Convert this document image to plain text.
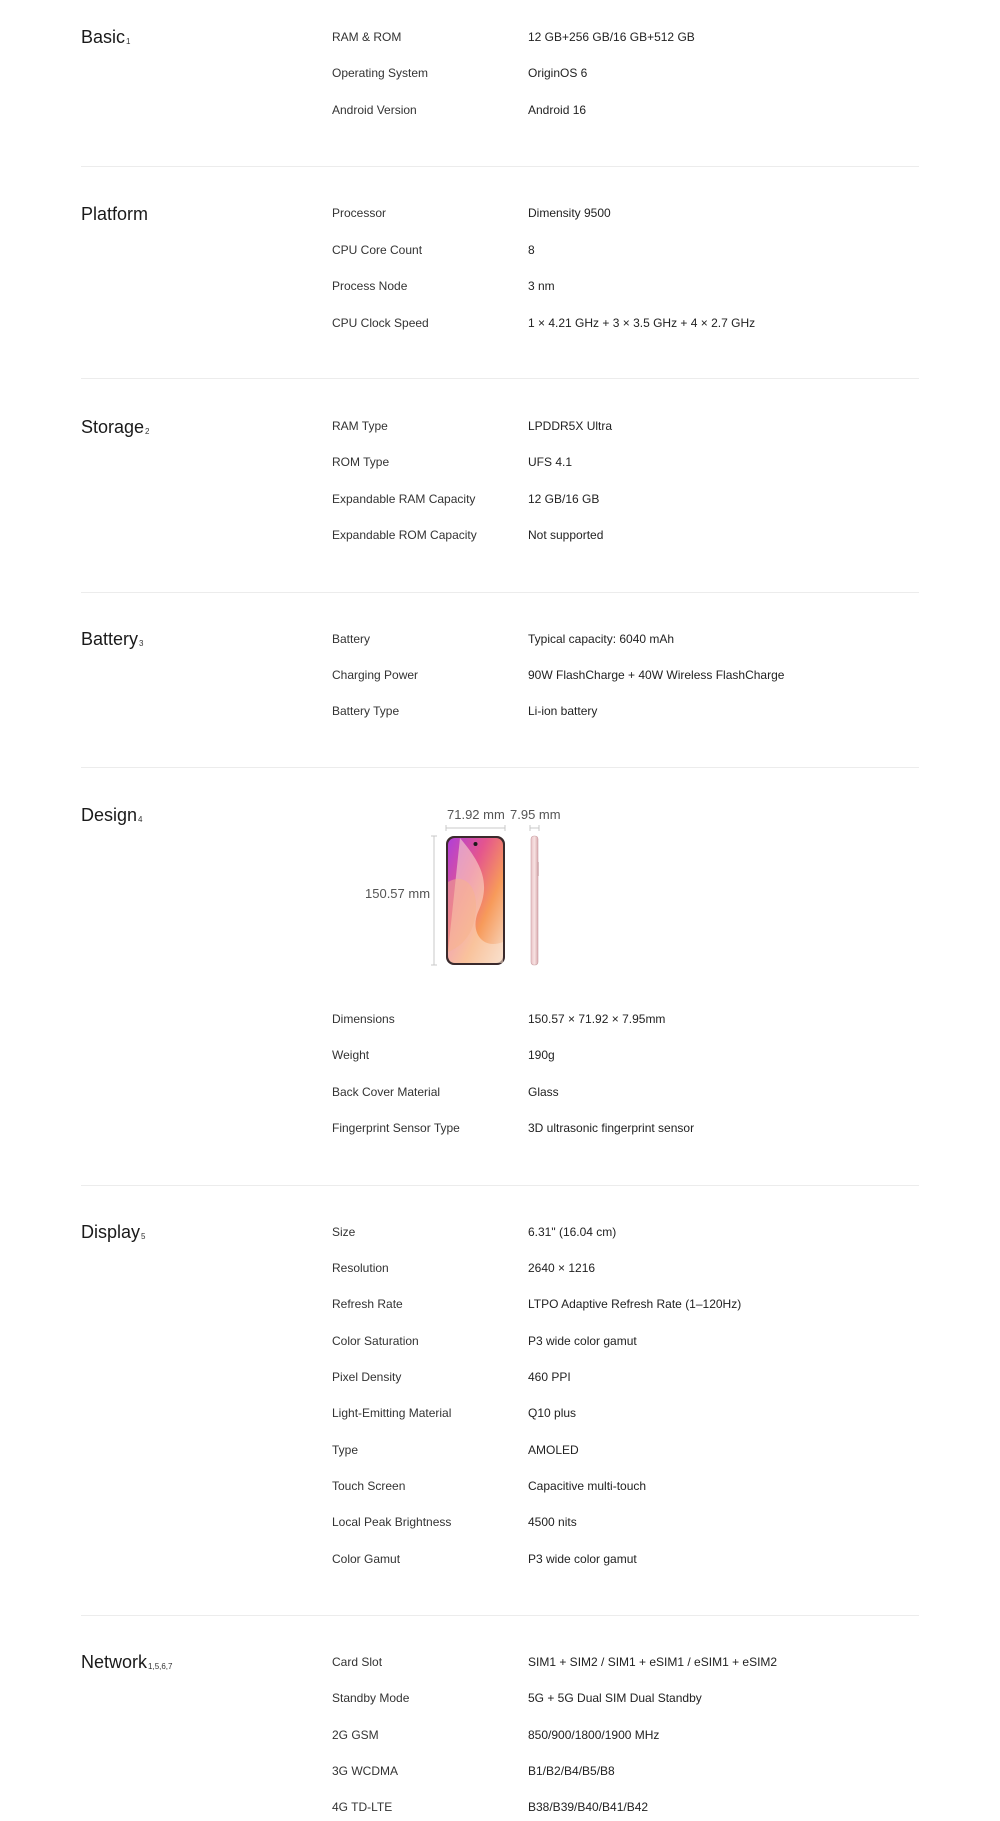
Basic$^1$	RAM & ROM	12 GB+256 GB/16 GB+512 GB
Operating System	OriginOS 6
Android Version	Android 16
Platform	Processor	Dimensity 9500
CPU Core Count	8
Process Node	3 nm
CPU Clock Speed	1 × 4.21 GHz + 3 × 3.5 GHz + 4 × 2.7 GHz
Storage$^2$	RAM Type	LPDDR5X Ultra
ROM Type	UFS 4.1
Expandable RAM Capacity	12 GB/16 GB
Expandable ROM Capacity	Not supported
Battery$^3$	Battery	Typical capacity: 6040 mAh
Charging Power	90W FlashCharge + 40W Wireless FlashCharge
Battery Type	Li-ion battery
Design$^4$	71.92 mm 7.95 mm
150.57 mm
Dimensions	150.57 × 71.92 × 7.95mm
Weight	190g
Back Cover Material	Glass
Fingerprint Sensor Type	3D ultrasonic fingerprint sensor
Display$^5$	Size	6.31" (16.04 cm)
Resolution	2640 × 1216
Refresh Rate	LTPO Adaptive Refresh Rate (1–120Hz)
Color Saturation	P3 wide color gamut
Pixel Density	460 PPI
Light-Emitting Material	Q10 plus
Type	AMOLED
Touch Screen	Capacitive multi-touch
Local Peak Brightness	4500 nits
Color Gamut	P3 wide color gamut
Network$^{1,5,6,7}$	Card Slot	SIM1 + SIM2 / SIM1 + eSIM1 / eSIM1 + eSIM2
Standby Mode	5G + 5G Dual SIM Dual Standby
2G GSM	850/900/1800/1900 MHz
3G WCDMA	B1/B2/B4/B5/B8
4G TD-LTE	B38/B39/B40/B41/B42
